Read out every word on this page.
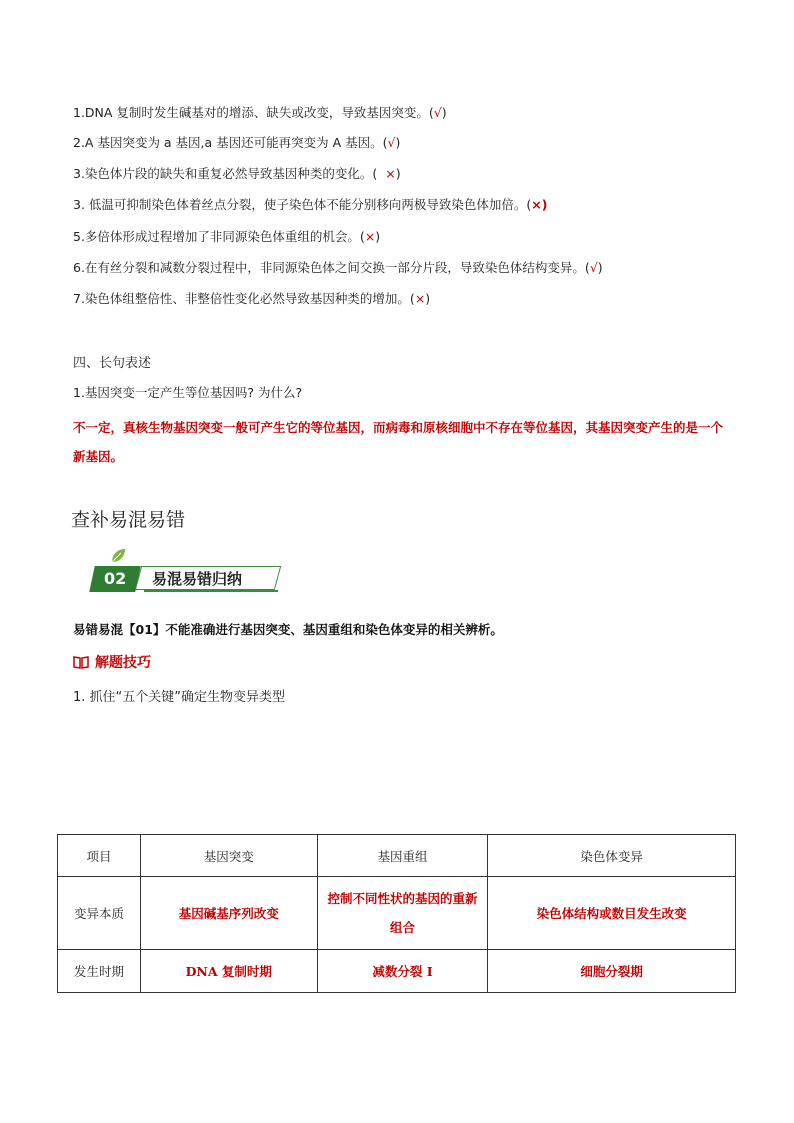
1.DNA 复制时发生碱基对的增添、缺失或改变，导致基因突变。(√)
2.A 基因突变为 a 基因,a 基因还可能再突变为 A 基因。(√)
3.染色体片段的缺失和重复必然导致基因种类的变化。(  ×)
3. 低温可抑制染色体着丝点分裂，使子染色体不能分别移向两极导致染色体加倍。(×)
5.多倍体形成过程增加了非同源染色体重组的机会。(×)
6.在有丝分裂和减数分裂过程中，非同源染色体之间交换一部分片段，导致染色体结构变异。(√)
7.染色体组整倍性、非整倍性变化必然导致基因种类的增加。(×)
四、长句表述
1.基因突变一定产生等位基因吗? 为什么?
不一定，真核生物基因突变一般可产生它的等位基因，而病毒和原核细胞中不存在等位基因，其基因突变产生的是一个新基因。
查补易混易错
02	易混易错归纳
易错易混【01】不能准确进行基因突变、基因重组和染色体变异的相关辨析。
解题技巧
1. 抓住“五个关键”确定生物变异类型
项目	基因突变	基因重组	染色体变异
变异本质	基因碱基序列改变	控制不同性状的基因的重新组合	染色体结构或数目发生改变
发生时期	DNA 复制时期	减数分裂 I	细胞分裂期
